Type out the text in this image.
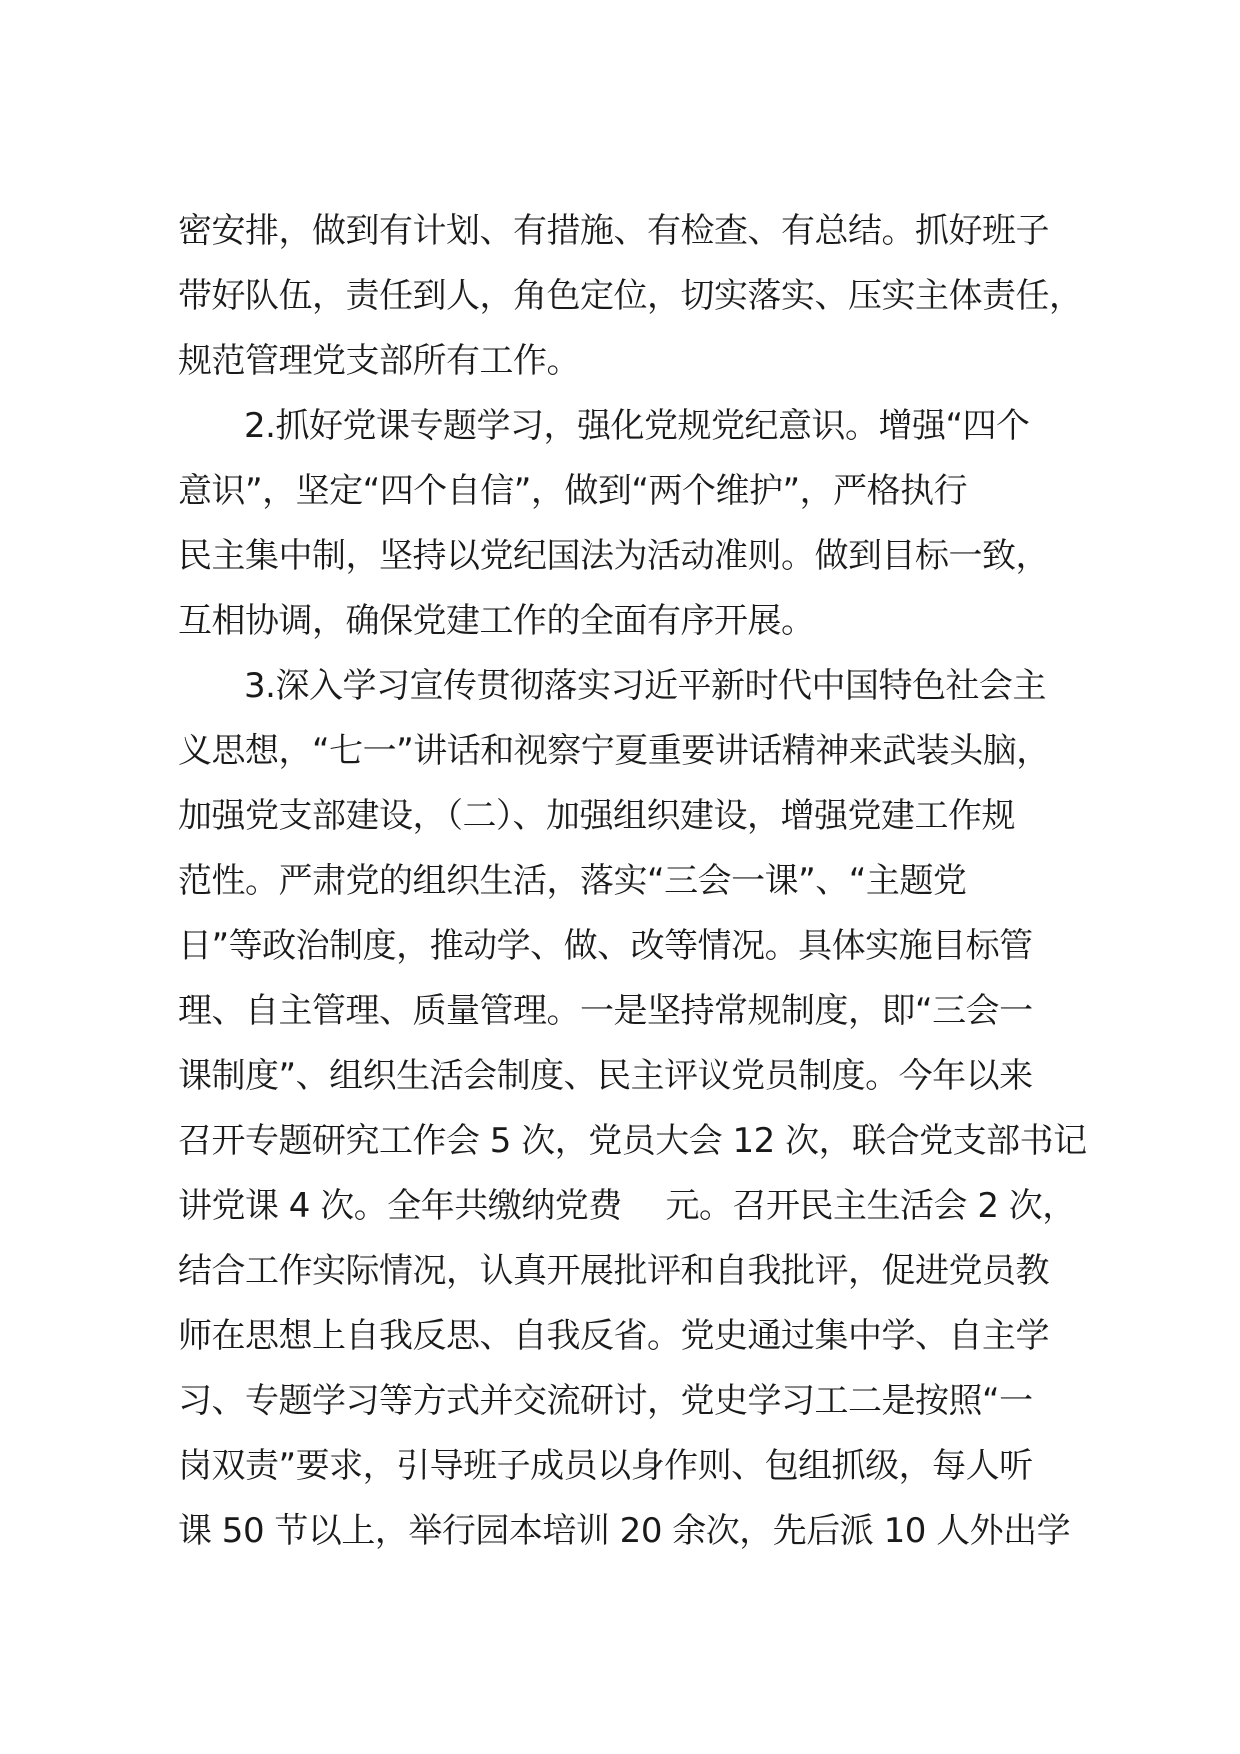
密安排，做到有计划、有措施、有检查、有总结。抓好班子

带好队伍，责任到人，角色定位，切实落实、压实主体责任，

规范管理党支部所有工作。

2.抓好党课专题学习，强化党规党纪意识。增强“四个

意识”，坚定“四个自信”，做到“两个维护”，严格执行

民主集中制，坚持以党纪国法为活动准则。做到目标一致，

互相协调，确保党建工作的全面有序开展。

3.深入学习宣传贯彻落实习近平新时代中国特色社会主

义思想，“七一”讲话和视察宁夏重要讲话精神来武装头脑，

加强党支部建设，（二）、加强组织建设，增强党建工作规

范性。严肃党的组织生活，落实“三会一课”、“主题党

日”等政治制度，推动学、做、改等情况。具体实施目标管

理、自主管理、质量管理。一是坚持常规制度，即“三会一

课制度”、组织生活会制度、民主评议党员制度。今年以来

召开专题研究工作会 5 次，党员大会 12 次，联合党支部书记

讲党课 4 次。全年共缴纳党费　 元。召开民主生活会 2 次，

结合工作实际情况，认真开展批评和自我批评，促进党员教

师在思想上自我反思、自我反省。党史通过集中学、自主学

习、专题学习等方式并交流研讨，党史学习工二是按照“一

岗双责”要求，引导班子成员以身作则、包组抓级，每人听

课 50 节以上，举行园本培训 20 余次，先后派 10 人外出学
